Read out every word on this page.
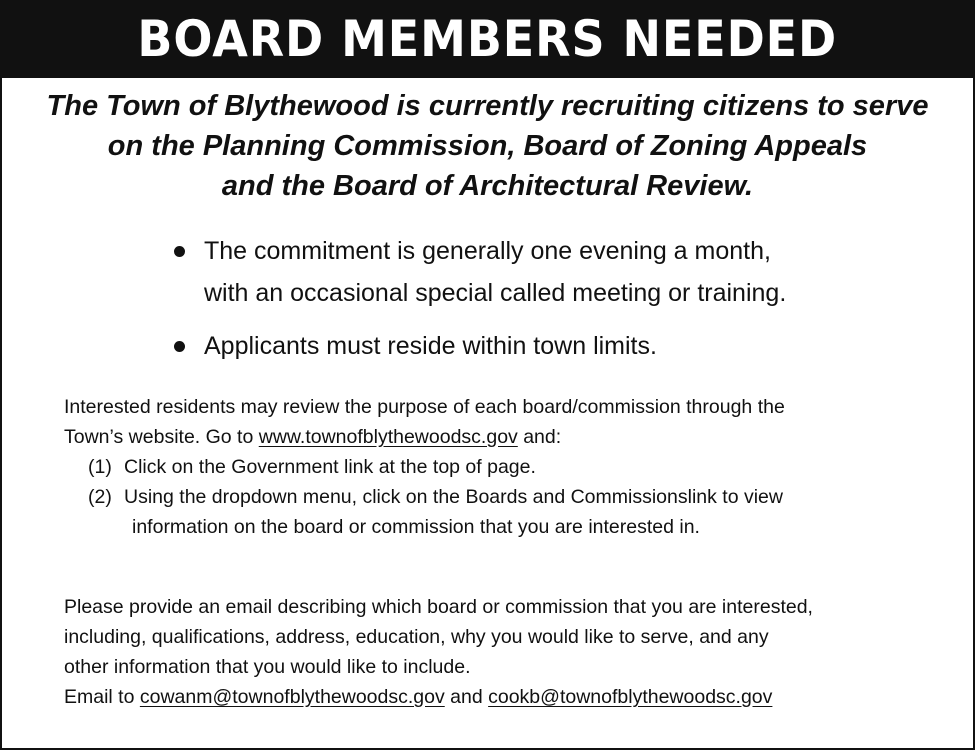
BOARD MEMBERS NEEDED
The Town of Blythewood is currently recruiting citizens to serve
on the Planning Commission, Board of Zoning Appeals
and the Board of Architectural Review.
The commitment is generally one evening a month,
with an occasional special called meeting or training.
Applicants must reside within town limits.
Interested residents may review the purpose of each board/commission through the
Town’s website. Go to www.townofblythewoodsc.gov and:
(1) Click on the Government link at the top of page.
(2) Using the dropdown menu, click on the Boards and Commissionslink to view
information on the board or commission that you are interested in.
Please provide an email describing which board or commission that you are interested,
including, qualifications, address, education, why you would like to serve, and any
other information that you would like to include.
Email to cowanm@townofblythewoodsc.gov and cookb@townofblythewoodsc.gov
